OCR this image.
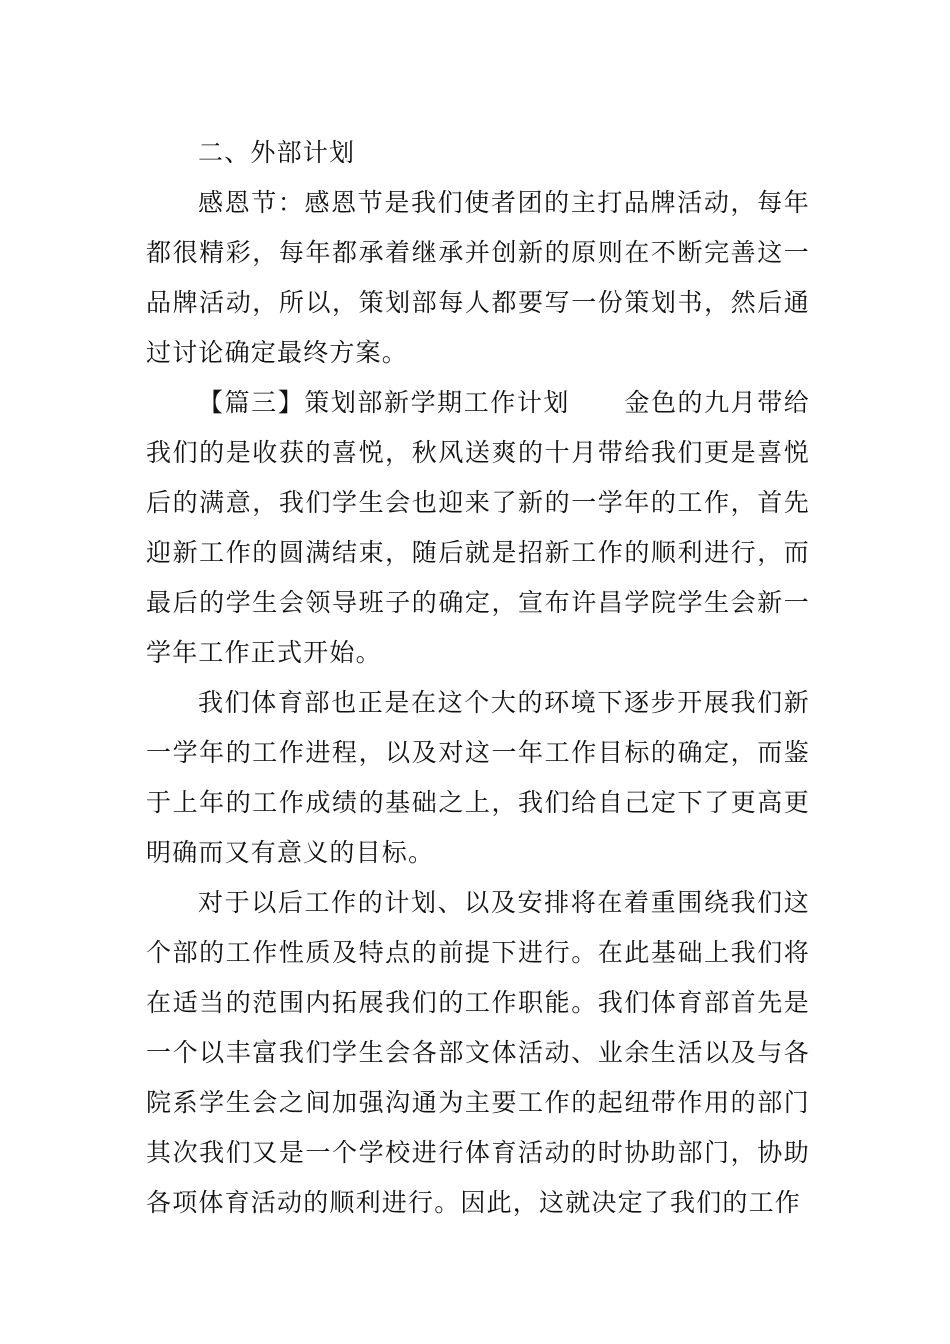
二、外部计划

感恩节：感恩节是我们使者团的主打品牌活动，每年都很精彩，每年都承着继承并创新的原则在不断完善这一品牌活动，所以，策划部每人都要写一份策划书，然后通过讨论确定最终方案。

【篇三】策划部新学期工作计划 金色的九月带给我们的是收获的喜悦，秋风送爽的十月带给我们更是喜悦后的满意，我们学生会也迎来了新的一学年的工作，首先迎新工作的圆满结束，随后就是招新工作的顺利进行，而最后的学生会领导班子的确定，宣布许昌学院学生会新一学年工作正式开始。

我们体育部也正是在这个大的环境下逐步开展我们新一学年的工作进程，以及对这一年工作目标的确定，而鉴于上年的工作成绩的基础之上，我们给自己定下了更高更明确而又有意义的目标。

对于以后工作的计划、以及安排将在着重围绕我们这个部的工作性质及特点的前提下进行。在此基础上我们将在适当的范围内拓展我们的工作职能。我们体育部首先是一个以丰富我们学生会各部文体活动、业余生活以及与各院系学生会之间加强沟通为主要工作的起纽带作用的部门其次我们又是一个学校进行体育活动的时协助部门，协助各项体育活动的顺利进行。因此，这就决定了我们的工作
